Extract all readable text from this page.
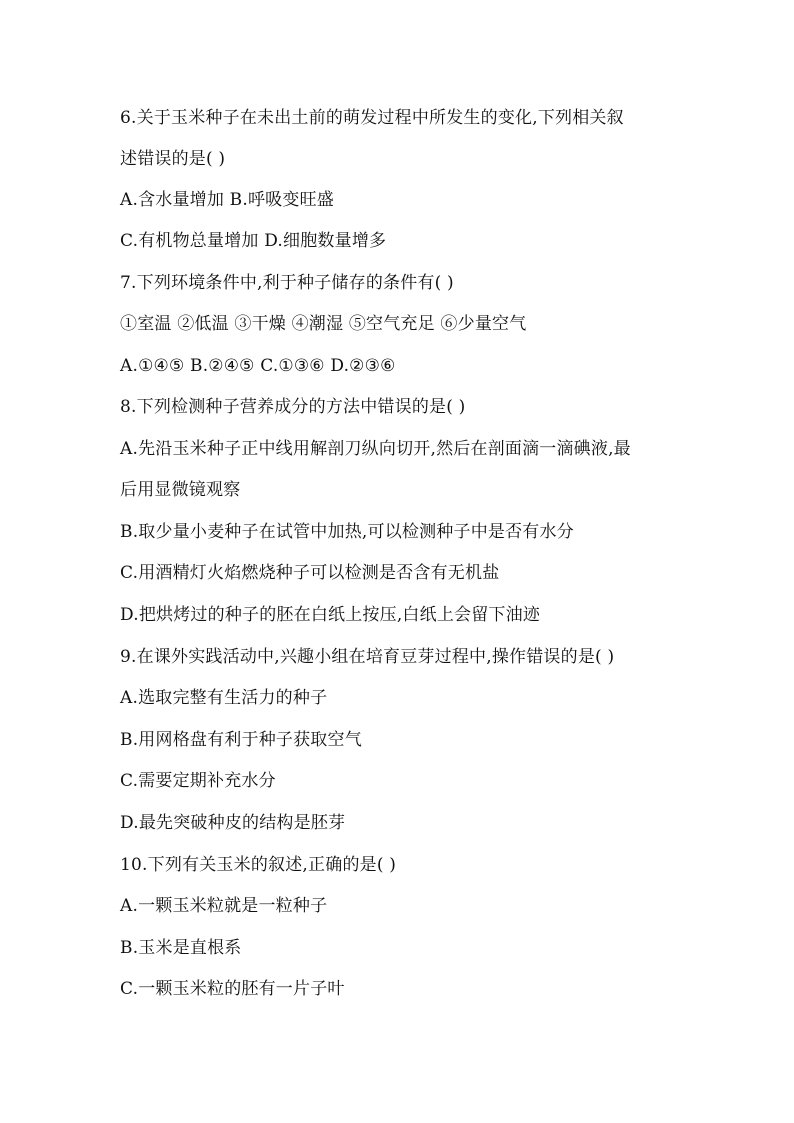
6.关于玉米种子在未出土前的萌发过程中所发生的变化,下列相关叙
述错误的是( )
A.含水量增加 B.呼吸变旺盛
C.有机物总量增加 D.细胞数量增多
7.下列环境条件中,利于种子储存的条件有( )
①室温 ②低温 ③干燥 ④潮湿 ⑤空气充足 ⑥少量空气
A.①④⑤ B.②④⑤ C.①③⑥ D.②③⑥
8.下列检测种子营养成分的方法中错误的是( )
A.先沿玉米种子正中线用解剖刀纵向切开,然后在剖面滴一滴碘液,最
后用显微镜观察
B.取少量小麦种子在试管中加热,可以检测种子中是否有水分
C.用酒精灯火焰燃烧种子可以检测是否含有无机盐
D.把烘烤过的种子的胚在白纸上按压,白纸上会留下油迹
9.在课外实践活动中,兴趣小组在培育豆芽过程中,操作错误的是( )
A.选取完整有生活力的种子
B.用网格盘有利于种子获取空气
C.需要定期补充水分
D.最先突破种皮的结构是胚芽
10.下列有关玉米的叙述,正确的是( )
A.一颗玉米粒就是一粒种子
B.玉米是直根系
C.一颗玉米粒的胚有一片子叶
